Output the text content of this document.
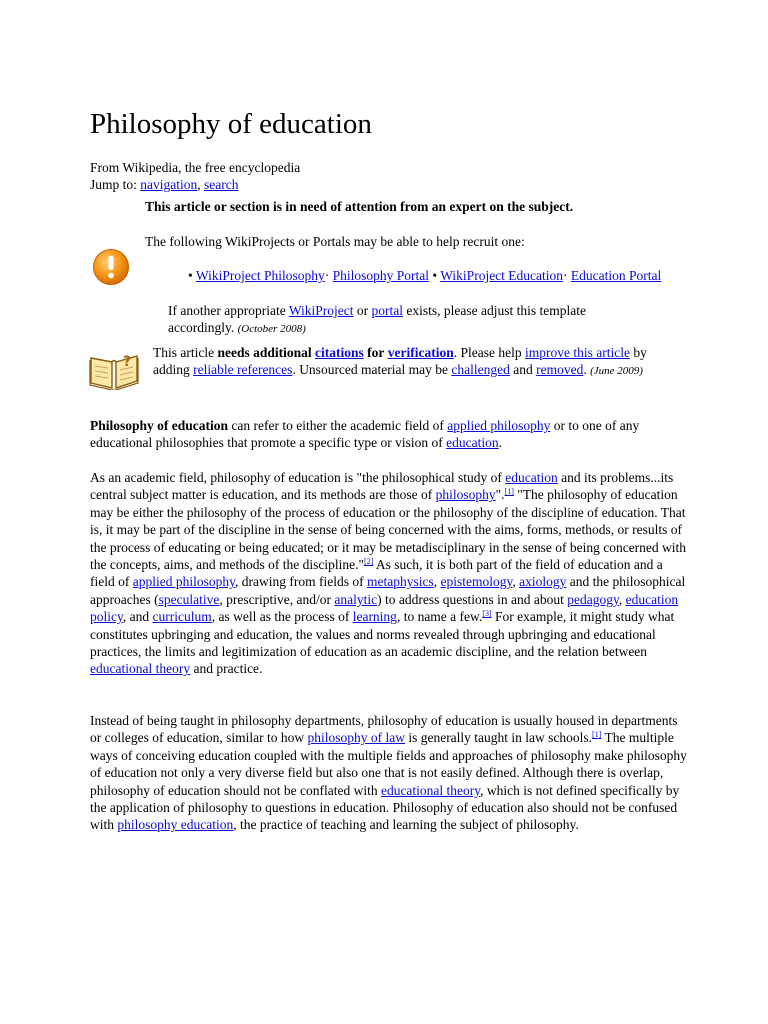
Philosophy of education
From Wikipedia, the free encyclopedia
Jump to: navigation, search
This article or section is in need of attention from an expert on the subject.
The following WikiProjects or Portals may be able to help recruit one:
• WikiProject Philosophy· Philosophy Portal • WikiProject Education· Education Portal
If another appropriate WikiProject or portal exists, please adjust this template accordingly. (October 2008)
?
This article needs additional citations for verification. Please help improve this article by adding reliable references. Unsourced material may be challenged and removed. (June 2009)

Philosophy of education can refer to either the academic field of applied philosophy or to one of any educational philosophies that promote a specific type or vision of education.

As an academic field, philosophy of education is "the philosophical study of education and its problems...its central subject matter is education, and its methods are those of philosophy".[1] "The philosophy of education may be either the philosophy of the process of education or the philosophy of the discipline of education. That is, it may be part of the discipline in the sense of being concerned with the aims, forms, methods, or results of the process of educating or being educated; or it may be metadisciplinary in the sense of being concerned with the concepts, aims, and methods of the discipline."[2] As such, it is both part of the field of education and a field of applied philosophy, drawing from fields of metaphysics, epistemology, axiology and the philosophical approaches (speculative, prescriptive, and/or analytic) to address questions in and about pedagogy, education policy, and curriculum, as well as the process of learning, to name a few.[3] For example, it might study what constitutes upbringing and education, the values and norms revealed through upbringing and educational practices, the limits and legitimization of education as an academic discipline, and the relation between educational theory and practice.

Instead of being taught in philosophy departments, philosophy of education is usually housed in departments or colleges of education, similar to how philosophy of law is generally taught in law schools.[1] The multiple ways of conceiving education coupled with the multiple fields and approaches of philosophy make philosophy of education not only a very diverse field but also one that is not easily defined. Although there is overlap, philosophy of education should not be conflated with educational theory, which is not defined specifically by the application of philosophy to questions in education. Philosophy of education also should not be confused with philosophy education, the practice of teaching and learning the subject of philosophy.
